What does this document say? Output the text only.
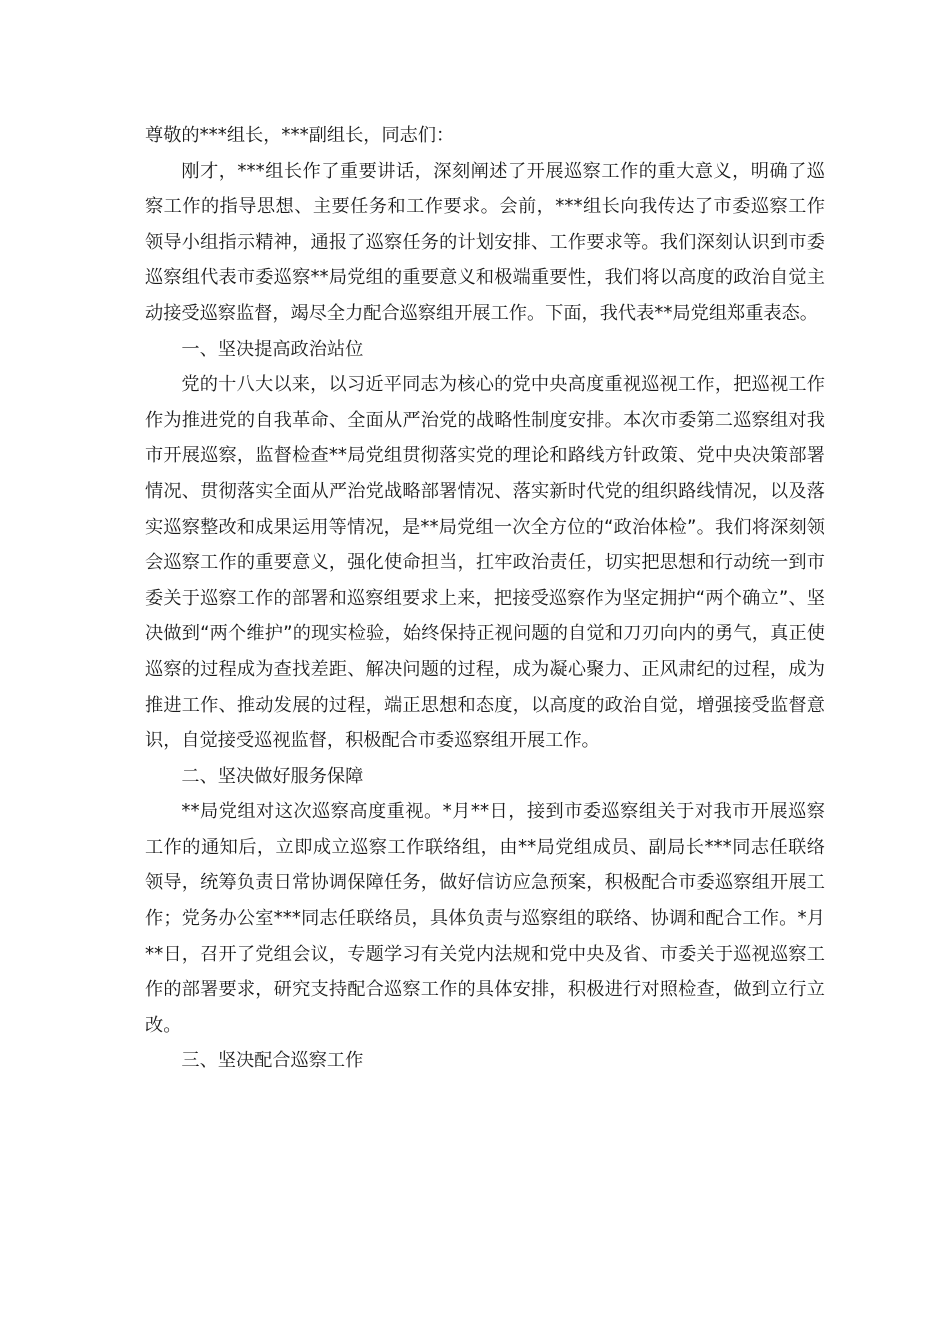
尊敬的***组长，***副组长，同志们：

刚才，***组长作了重要讲话，深刻阐述了开展巡察工作的重大意义，明确了巡察工作的指导思想、主要任务和工作要求。会前，***组长向我传达了市委巡察工作领导小组指示精神，通报了巡察任务的计划安排、工作要求等。我们深刻认识到市委巡察组代表市委巡察**局党组的重要意义和极端重要性，我们将以高度的政治自觉主动接受巡察监督，竭尽全力配合巡察组开展工作。下面，我代表**局党组郑重表态。

一、坚决提高政治站位

党的十八大以来，以习近平同志为核心的党中央高度重视巡视工作，把巡视工作作为推进党的自我革命、全面从严治党的战略性制度安排。本次市委第二巡察组对我市开展巡察，监督检查**局党组贯彻落实党的理论和路线方针政策、党中央决策部署情况、贯彻落实全面从严治党战略部署情况、落实新时代党的组织路线情况，以及落实巡察整改和成果运用等情况，是**局党组一次全方位的“政治体检”。我们将深刻领会巡察工作的重要意义，强化使命担当，扛牢政治责任，切实把思想和行动统一到市委关于巡察工作的部署和巡察组要求上来，把接受巡察作为坚定拥护“两个确立”、坚决做到“两个维护”的现实检验，始终保持正视问题的自觉和刀刃向内的勇气，真正使巡察的过程成为查找差距、解决问题的过程，成为凝心聚力、正风肃纪的过程，成为推进工作、推动发展的过程，端正思想和态度，以高度的政治自觉，增强接受监督意识，自觉接受巡视监督，积极配合市委巡察组开展工作。

二、坚决做好服务保障

**局党组对这次巡察高度重视。*月**日，接到市委巡察组关于对我市开展巡察工作的通知后，立即成立巡察工作联络组，由**局党组成员、副局长***同志任联络领导，统筹负责日常协调保障任务，做好信访应急预案，积极配合市委巡察组开展工作；党务办公室***同志任联络员，具体负责与巡察组的联络、协调和配合工作。*月**日，召开了党组会议，专题学习有关党内法规和党中央及省、市委关于巡视巡察工作的部署要求，研究支持配合巡察工作的具体安排，积极进行对照检查，做到立行立改。

三、坚决配合巡察工作
